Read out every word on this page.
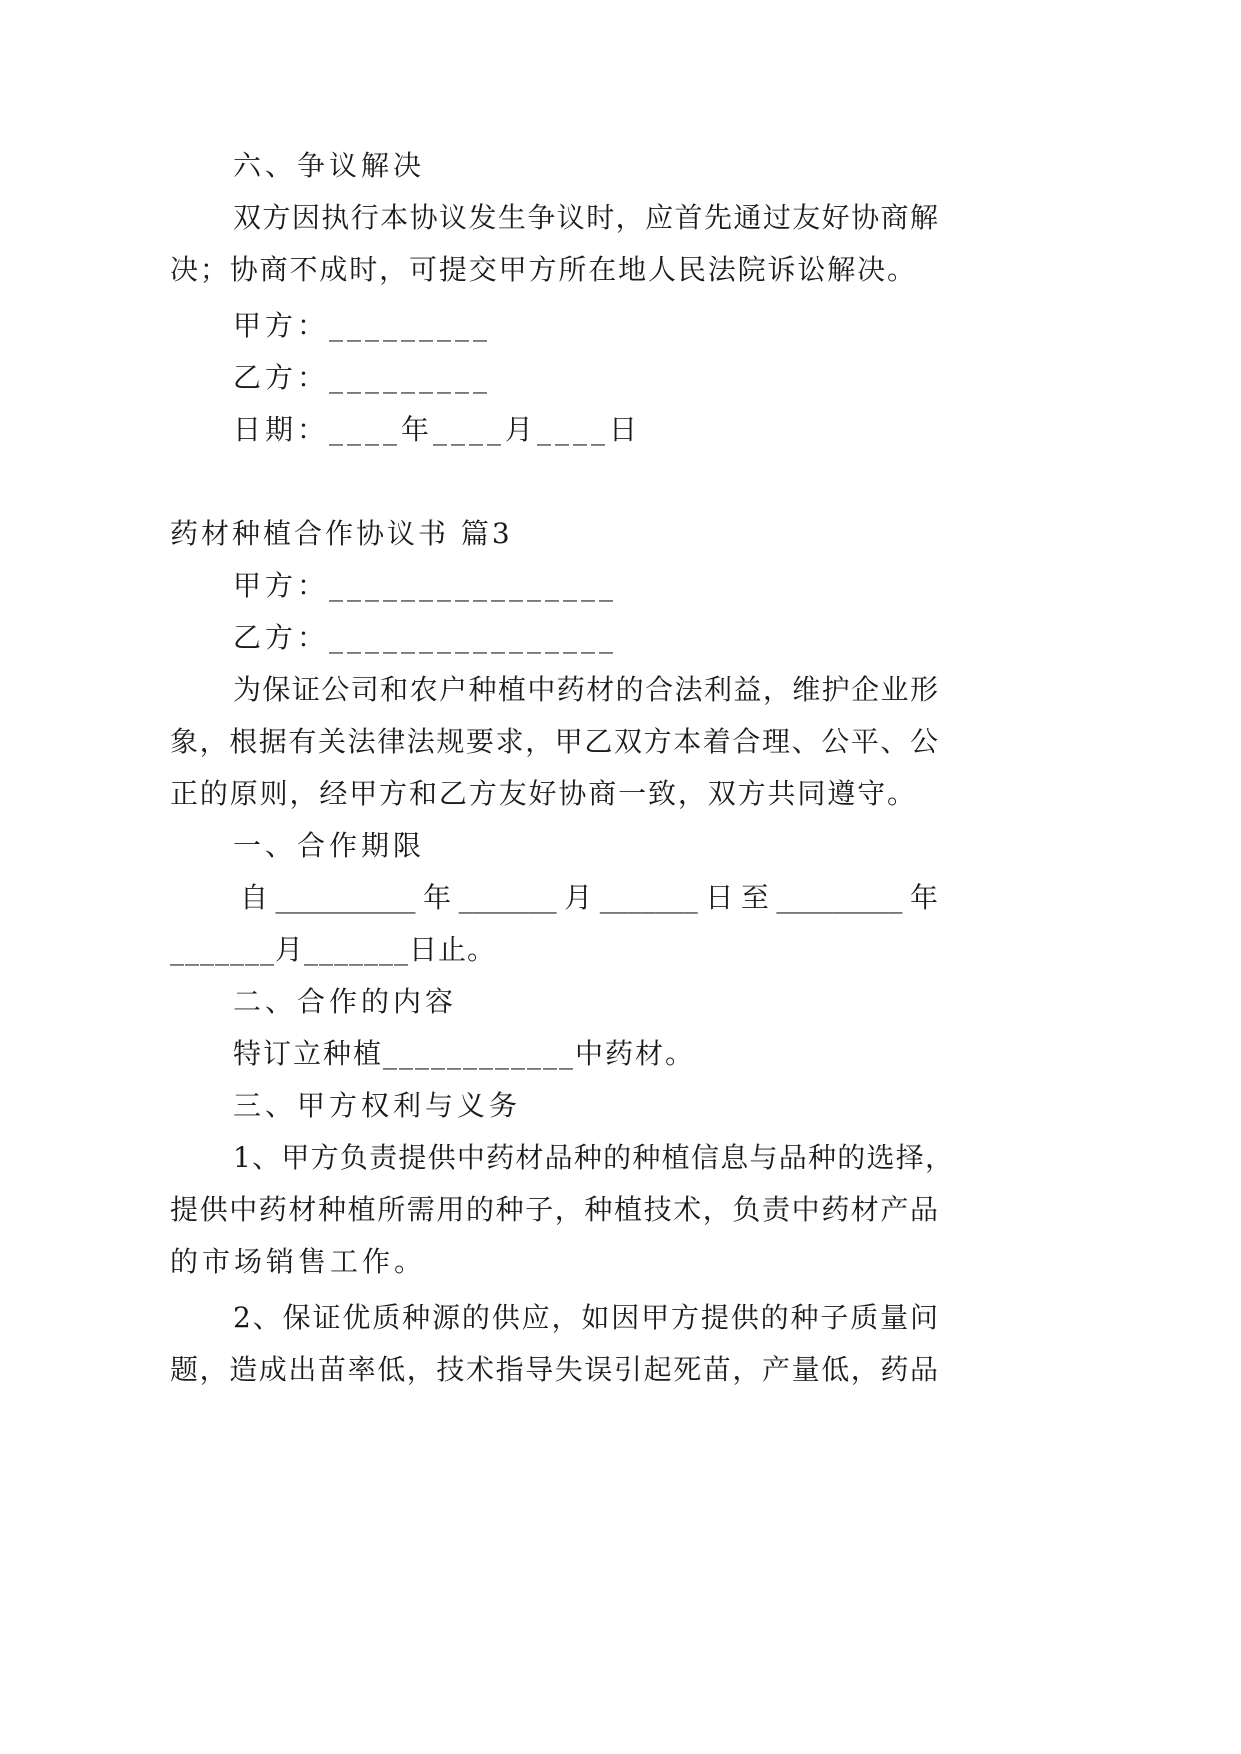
六、争议解决
双方因执行本协议发生争议时，应首先通过友好协商解
决；协商不成时，可提交甲方所在地人民法院诉讼解决。
甲方：_________
乙方：_________
日期：____年____月____日
药材种植合作协议书 篇3
甲方：________________
乙方：________________
为保证公司和农户种植中药材的合法利益，维护企业形
象，根据有关法律法规要求，甲乙双方本着合理、公平、公
正的原则，经甲方和乙方友好协商一致，双方共同遵守。
一、合作期限
自__________年_______月_______日至_________年
_______月_______日止。
二、合作的内容
特订立种植____________中药材。
三、甲方权利与义务
1、甲方负责提供中药材品种的种植信息与品种的选择，
提供中药材种植所需用的种子，种植技术，负责中药材产品
的市场销售工作。
2、保证优质种源的供应，如因甲方提供的种子质量问
题，造成出苗率低，技术指导失误引起死苗，产量低，药品
